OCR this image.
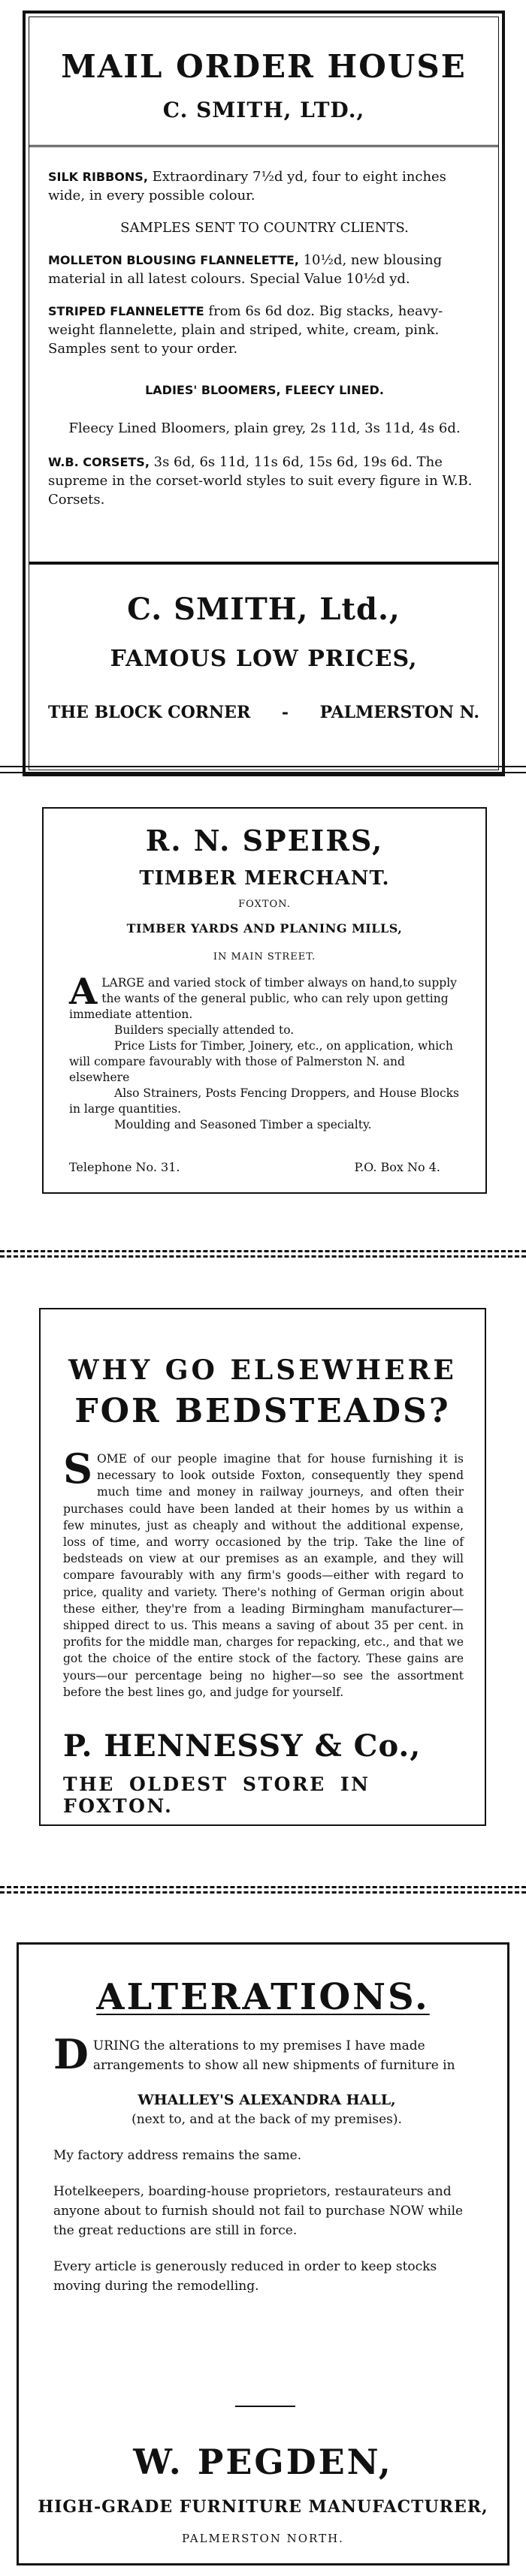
MAIL ORDER HOUSE
C. SMITH, LTD.,

SILK RIBBONS, Extraordinary 7½d yd, four to eight inches wide, in every possible colour.

SAMPLES SENT TO COUNTRY CLIENTS.

MOLLETON BLOUSING FLANNELETTE, 10½d, new blousing material in all latest colours. Special Value 10½d yd.

STRIPED FLANNELETTE from 6s 6d doz. Big stacks, heavy-weight flannelette, plain and striped, white, cream, pink. Samples sent to your order.

LADIES' BLOOMERS, FLEECY LINED.

Fleecy Lined Bloomers, plain grey, 2s 11d, 3s 11d, 4s 6d.

W.B. CORSETS, 3s 6d, 6s 11d, 11s 6d, 15s 6d, 19s 6d. The supreme in the corset-world styles to suit every figure in W.B. Corsets.

C. SMITH, Ltd.,
FAMOUS LOW PRICES,
THE BLOCK CORNER - PALMERSTON N.
R. N. SPEIRS,
TIMBER MERCHANT.
FOXTON.
TIMBER YARDS AND PLANING MILLS,
IN MAIN STREET.

ALARGE and varied stock of timber always on hand,to supply the wants of the general public, who can rely upon getting immediate attention.

Builders specially attended to.

Price Lists for Timber, Joinery, etc., on application, which will compare favourably with those of Palmerston N. and elsewhere

Also Strainers, Posts Fencing Droppers, and House Blocks in large quantities.

Moulding and Seasoned Timber a specialty.

Telephone No. 31.	P.O. Box No 4.
WHY GO ELSEWHERE
FOR BEDSTEADS?

SOME of our people imagine that for house furnishing it is necessary to look outside Foxton, consequently they spend much time and money in railway journeys, and often their purchases could have been landed at their homes by us within a few minutes, just as cheaply and without the additional expense, loss of time, and worry occasioned by the trip. Take the line of bedsteads on view at our premises as an example, and they will compare favourably with any firm's goods—either with regard to price, quality and variety. There's nothing of German origin about these either, they're from a leading Birmingham manufacturer—shipped direct to us. This means a saving of about 35 per cent. in profits for the middle man, charges for repacking, etc., and that we got the choice of the entire stock of the factory. These gains are yours—our percentage being no higher—so see the assortment before the best lines go, and judge for yourself.

P. HENNESSY & Co.,
THE OLDEST STORE IN FOXTON.
ALTERATIONS.

DURING the alterations to my premises I have made arrangements to show all new shipments of furniture in

WHALLEY'S ALEXANDRA HALL,

(next to, and at the back of my premises).

My factory address remains the same.

Hotelkeepers, boarding-house proprietors, restaurateurs and anyone about to furnish should not fail to purchase NOW while the great reductions are still in force.

Every article is generously reduced in order to keep stocks moving during the remodelling.

W. PEGDEN,
HIGH-GRADE FURNITURE MANUFACTURER,
PALMERSTON NORTH.
